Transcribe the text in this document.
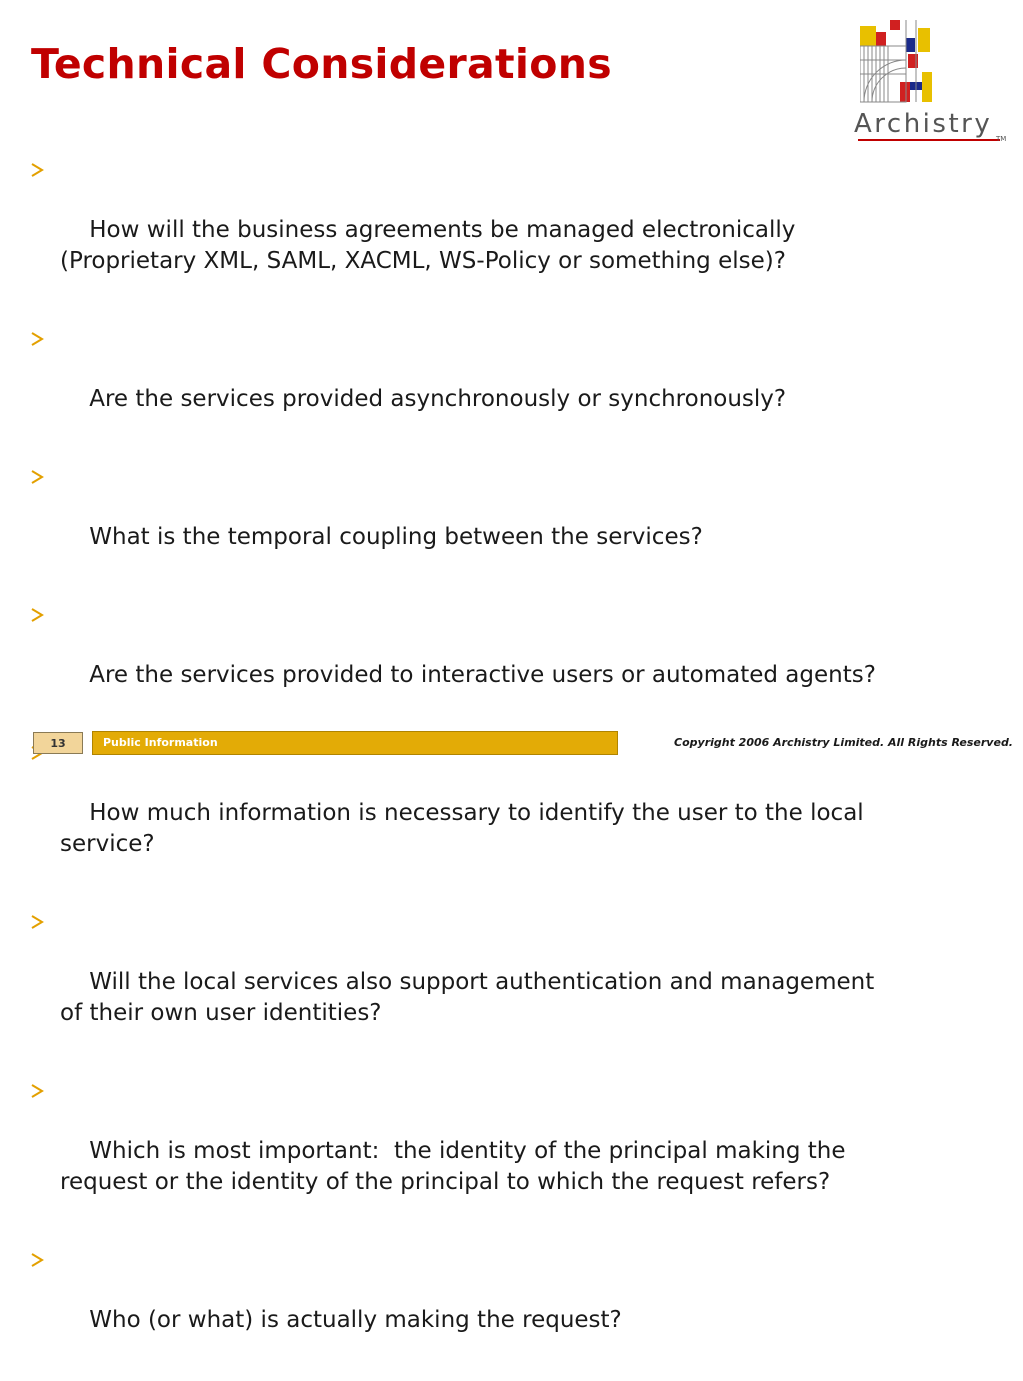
Technical Considerations
Archistry TM

How will the business agreements be managed electronically
(Proprietary XML, SAML, XACML, WS-Policy or something else)?

Are the services provided asynchronously or synchronously?

What is the temporal coupling between the services?

Are the services provided to interactive users or automated agents?

How much information is necessary to identify the user to the local
service?

Will the local services also support authentication and management
of their own user identities?

Which is most important:  the identity of the principal making the
request or the identity of the principal to which the request refers?

Who (or what) is actually making the request?

13	Public Information	Copyright 2006 Archistry Limited. All Rights Reserved.
